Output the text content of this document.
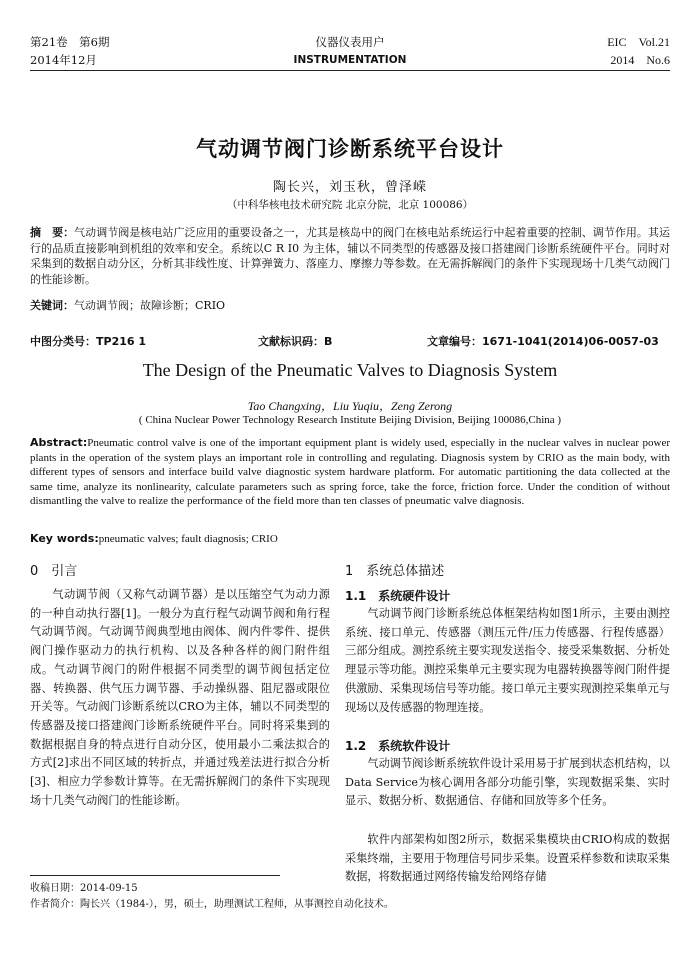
第21卷　第6期
2014年12月
仪器仪表用户
INSTRUMENTATION
EIC　Vol.21
2014　No.6
气动调节阀门诊断系统平台设计
陶长兴，刘玉秋，曾泽嵘
（中科华核电技术研究院 北京分院，北京 100086）
摘　要：气动调节阀是核电站广泛应用的重要设备之一，尤其是核岛中的阀门在核电站系统运行中起着重要的控制、调节作用。其运行的品质直接影响到机组的效率和安全。系统以C R I0 为主体，辅以不同类型的传感器及接口搭建阀门诊断系统硬件平台。同时对采集到的数据自动分区，分析其非线性度、计算弹簧力、落座力、摩擦力等参数。在无需拆解阀门的条件下实现现场十几类气动阀门的性能诊断。
关键词：气动调节阀；故障诊断；CRIO
中图分类号：TP216 1	文献标识码：B	文章编号：1671-1041(2014)06-0057-03
The Design of the Pneumatic Valves to Diagnosis System
Tao Changxing，Liu Yuqiu，Zeng Zerong
( China Nuclear Power Technology Research Institute Beijing Division, Beijing 100086,China )
Abstract:Pneumatic control valve is one of the important equipment plant is widely used, especially in the nuclear valves in nuclear power plants in the operation of the system plays an important role in controlling and regulating. Diagnosis system by CRIO as the main body, with different types of sensors and interface build valve diagnostic system hardware platform. For automatic partitioning the data collected at the same time, analyze its nonlinearity, calculate parameters such as spring force, take the force, friction force. Under the condition of without dismantling the valve to realize the performance of the field more than ten classes of pneumatic valve diagnosis.
Key words:pneumatic valves; fault diagnosis; CRIO
0　引言
气动调节阀（又称气动调节器）是以压缩空气为动力源的一种自动执行器[1]。一般分为直行程气动调节阀和角行程气动调节阀。气动调节阀典型地由阀体、阀内件零件、提供阀门操作驱动力的执行机构、以及各种各样的阀门附件组成。气动调节阀门的附件根据不同类型的调节阀包括定位器、转换器、供气压力调节器、手动操纵器、阻尼器或限位开关等。气动阀门诊断系统以CRO为主体，辅以不同类型的传感器及接口搭建阀门诊断系统硬件平台。同时将采集到的数据根据自身的特点进行自动分区，使用最小二乘法拟合的方式[2]求出不同区域的转折点，并通过残差法进行拟合分析[3]、相应力学参数计算等。在无需拆解阀门的条件下实现现场十几类气动阀门的性能诊断。
1　系统总体描述
1.1　系统硬件设计
气动调节阀门诊断系统总体框架结构如图1所示，主要由测控系统、接口单元、传感器（测压元件/压力传感器、行程传感器）三部分组成。测控系统主要实现发送指令、接受采集数据、分析处理显示等功能。测控采集单元主要实现为电器转换器等阀门附件提供激励、采集现场信号等功能。接口单元主要实现测控采集单元与现场以及传感器的物理连接。
1.2　系统软件设计
气动调节阀诊断系统软件设计采用易于扩展到状态机结构，以Data Service为核心调用各部分功能引擎，实现数据采集、实时显示、数据分析、数据通信、存储和回放等多个任务。
软件内部架构如图2所示，数据采集模块由CRIO构成的数据采集终端，主要用于物理信号同步采集。设置采样参数和读取采集数据，将数据通过网络传输发给网络存储
收稿日期：2014-09-15
作者简介：陶长兴（1984-），男，硕士，助理测试工程师，从事测控自动化技术。
